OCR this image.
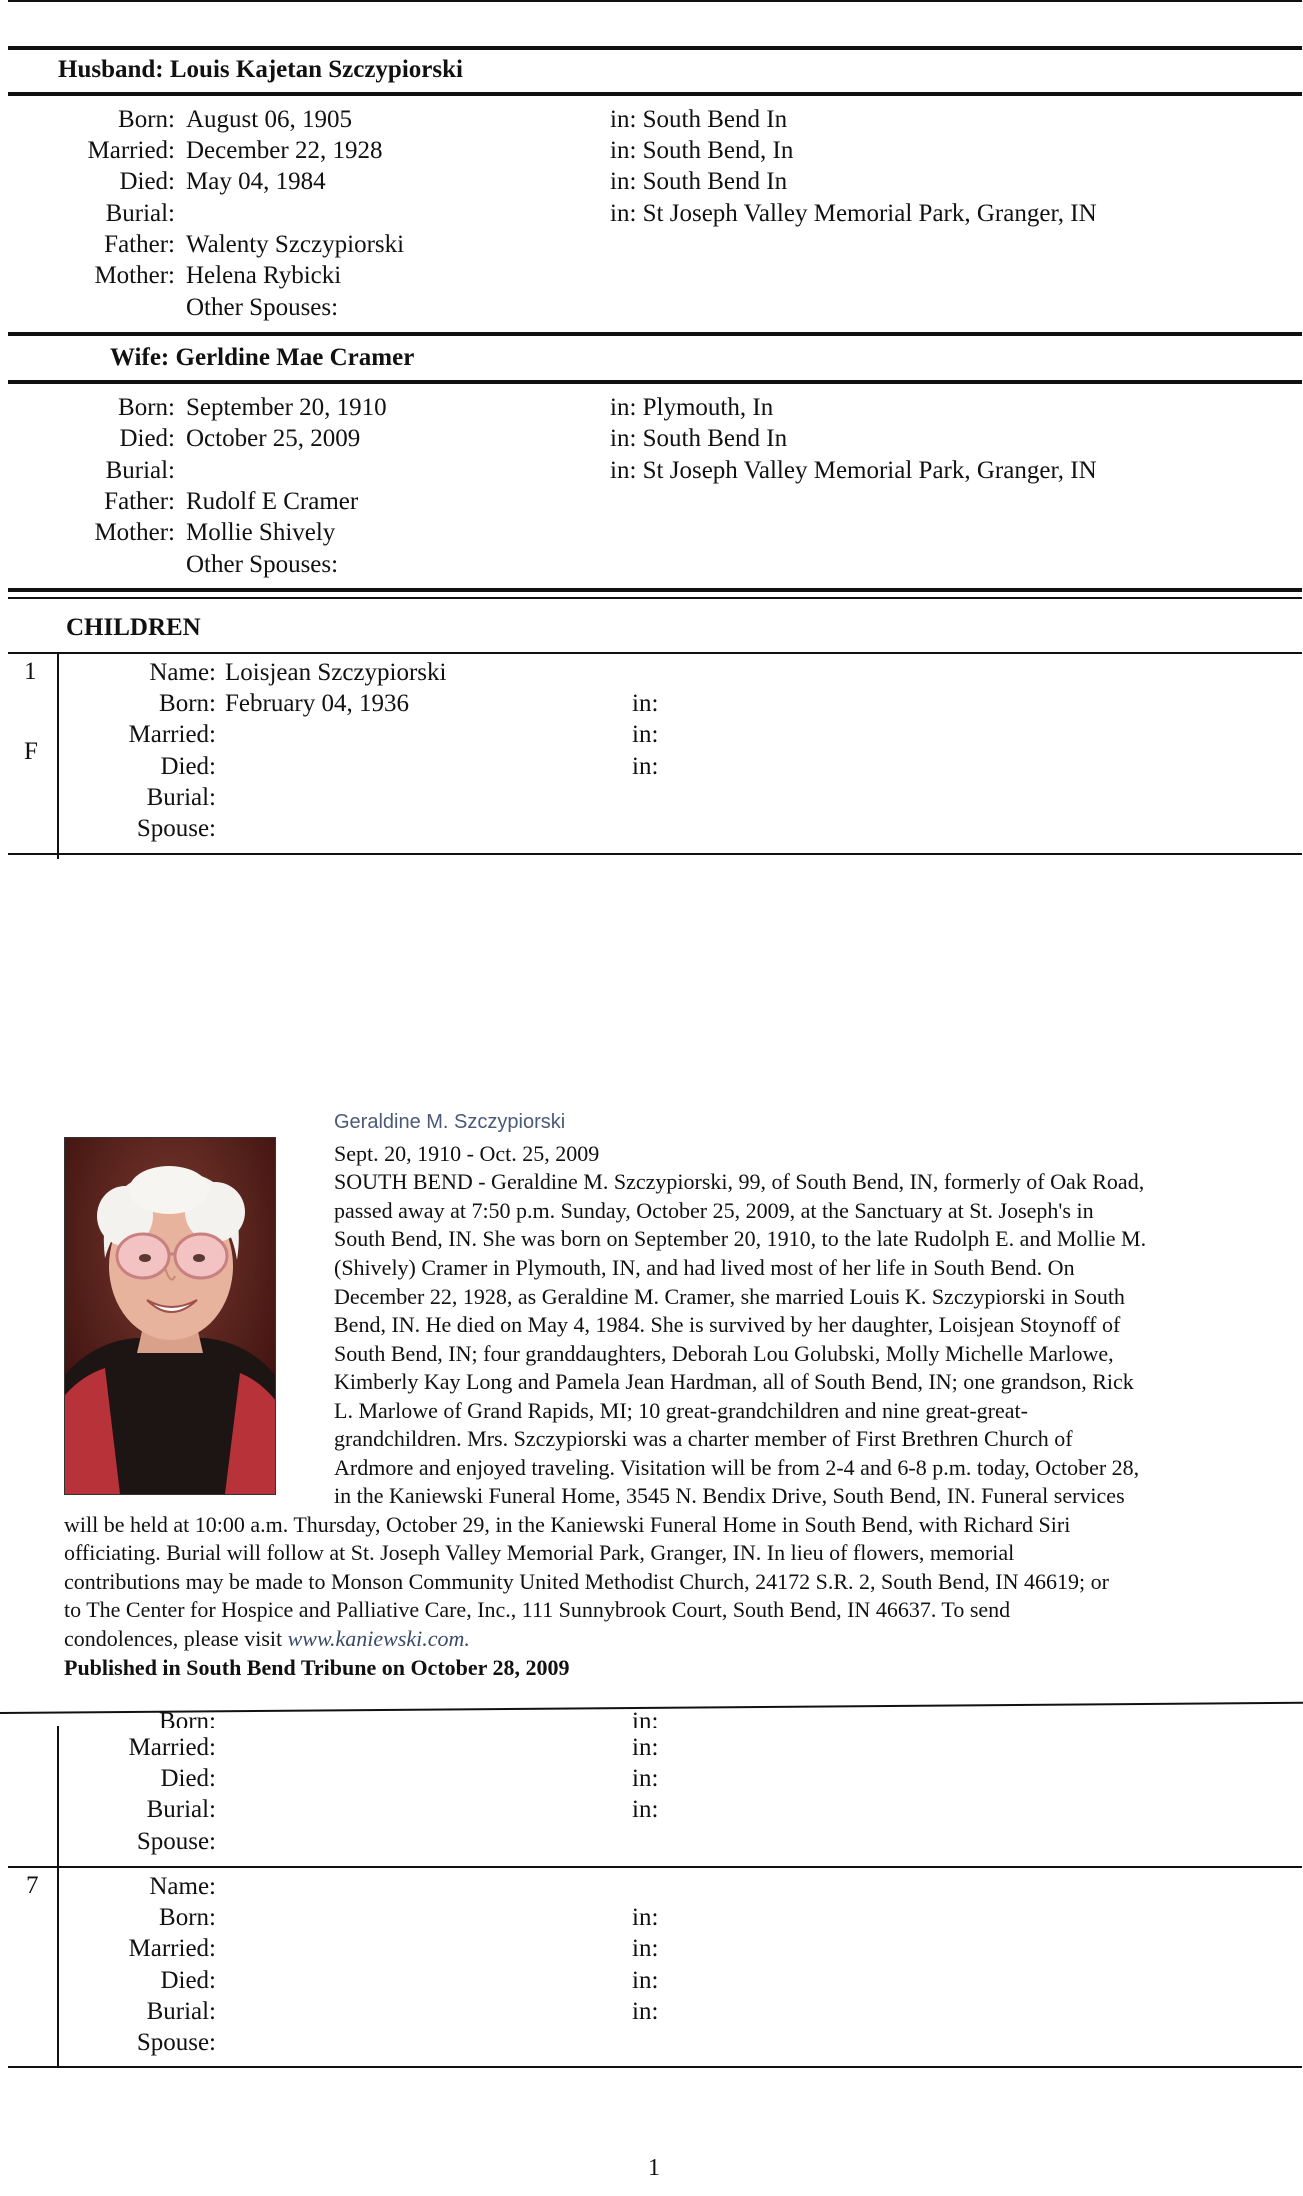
Husband: Louis Kajetan Szczypiorski
Born: August 06, 1905	in: South Bend In
Married: December 22, 1928	in: South Bend, In
Died: May 04, 1984	in: South Bend In
Burial:	in: St Joseph Valley Memorial Park, Granger, IN
Father: Walenty Szczypiorski
Mother: Helena Rybicki
Other Spouses:
Wife: Gerldine Mae Cramer
Born: September 20, 1910	in: Plymouth, In
Died: October 25, 2009	in: South Bend In
Burial:	in: St Joseph Valley Memorial Park, Granger, IN
Father: Rudolf E Cramer
Mother: Mollie Shively
Other Spouses:
CHILDREN
1
F
Name: Loisjean Szczypiorski
Born: February 04, 1936	in:
Married:	in:
Died:	in:
Burial:
Spouse:
Geraldine M. Szczypiorski
Sept. 20, 1910 - Oct. 25, 2009
SOUTH BEND - Geraldine M. Szczypiorski, 99, of South Bend, IN, formerly of Oak Road,
passed away at 7:50 p.m. Sunday, October 25, 2009, at the Sanctuary at St. Joseph's in
South Bend, IN. She was born on September 20, 1910, to the late Rudolph E. and Mollie M.
(Shively) Cramer in Plymouth, IN, and had lived most of her life in South Bend. On
December 22, 1928, as Geraldine M. Cramer, she married Louis K. Szczypiorski in South
Bend, IN. He died on May 4, 1984. She is survived by her daughter, Loisjean Stoynoff of
South Bend, IN; four granddaughters, Deborah Lou Golubski, Molly Michelle Marlowe,
Kimberly Kay Long and Pamela Jean Hardman, all of South Bend, IN; one grandson, Rick
L. Marlowe of Grand Rapids, MI; 10 great-grandchildren and nine great-great-
grandchildren. Mrs. Szczypiorski was a charter member of First Brethren Church of
Ardmore and enjoyed traveling. Visitation will be from 2-4 and 6-8 p.m. today, October 28,
in the Kaniewski Funeral Home, 3545 N. Bendix Drive, South Bend, IN. Funeral services
will be held at 10:00 a.m. Thursday, October 29, in the Kaniewski Funeral Home in South Bend, with Richard Siri
officiating. Burial will follow at St. Joseph Valley Memorial Park, Granger, IN. In lieu of flowers, memorial
contributions may be made to Monson Community United Methodist Church, 24172 S.R. 2, South Bend, IN 46619; or
to The Center for Hospice and Palliative Care, Inc., 111 Sunnybrook Court, South Bend, IN 46637. To send
condolences, please visit www.kaniewski.com.
Published in South Bend Tribune on October 28, 2009
Born:	in:
Married:	in:
Died:	in:
Burial:	in:
Spouse:
7	Name:
Born:	in:
Married:	in:
Died:	in:
Burial:	in:
Spouse:
1
